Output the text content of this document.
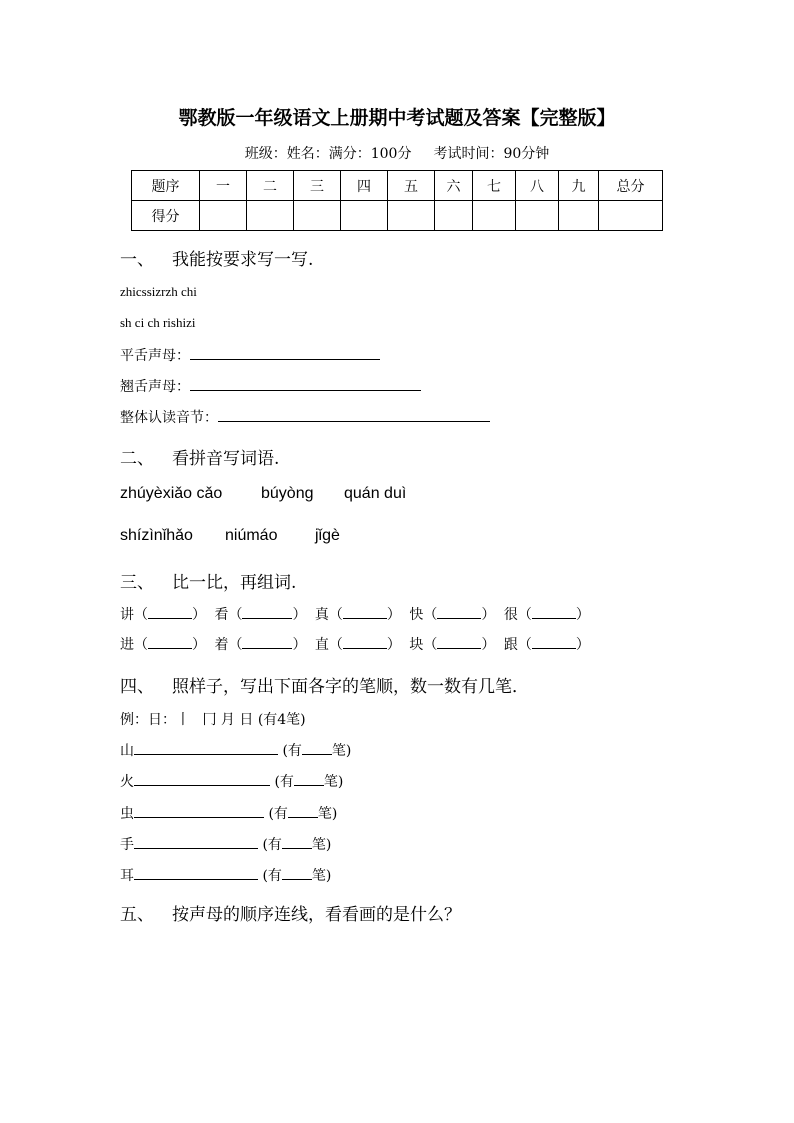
鄂教版一年级语文上册期中考试题及答案【完整版】
班级：姓名：满分：100分 考试时间：90分钟
题序	一	二	三	四	五	六	七	八	九	总分
得分										
一、 我能按要求写一写.
zhicssizrzh chi
sh ci ch rishizi
平舌声母：
翘舌声母：
整体认读音节：
二、 看拼音写词语.
zhúyèxiǎo cǎo búyòng quán duì
shízìnǐhǎo niúmáo jǐgè
三、 比一比，再组词.
讲（	） 看（	） 真（	） 快（	） 很（	）
进（	） 着（	） 直（	） 块（	） 跟（	）
四、 照样子，写出下面各字的笔顺，数一数有几笔．
例：日：丨 冂 月 日 (有4笔)
山	(有 笔)
火	(有 笔)
虫	(有 笔)
手	(有 笔)
耳	(有 笔)
五、 按声母的顺序连线，看看画的是什么？
